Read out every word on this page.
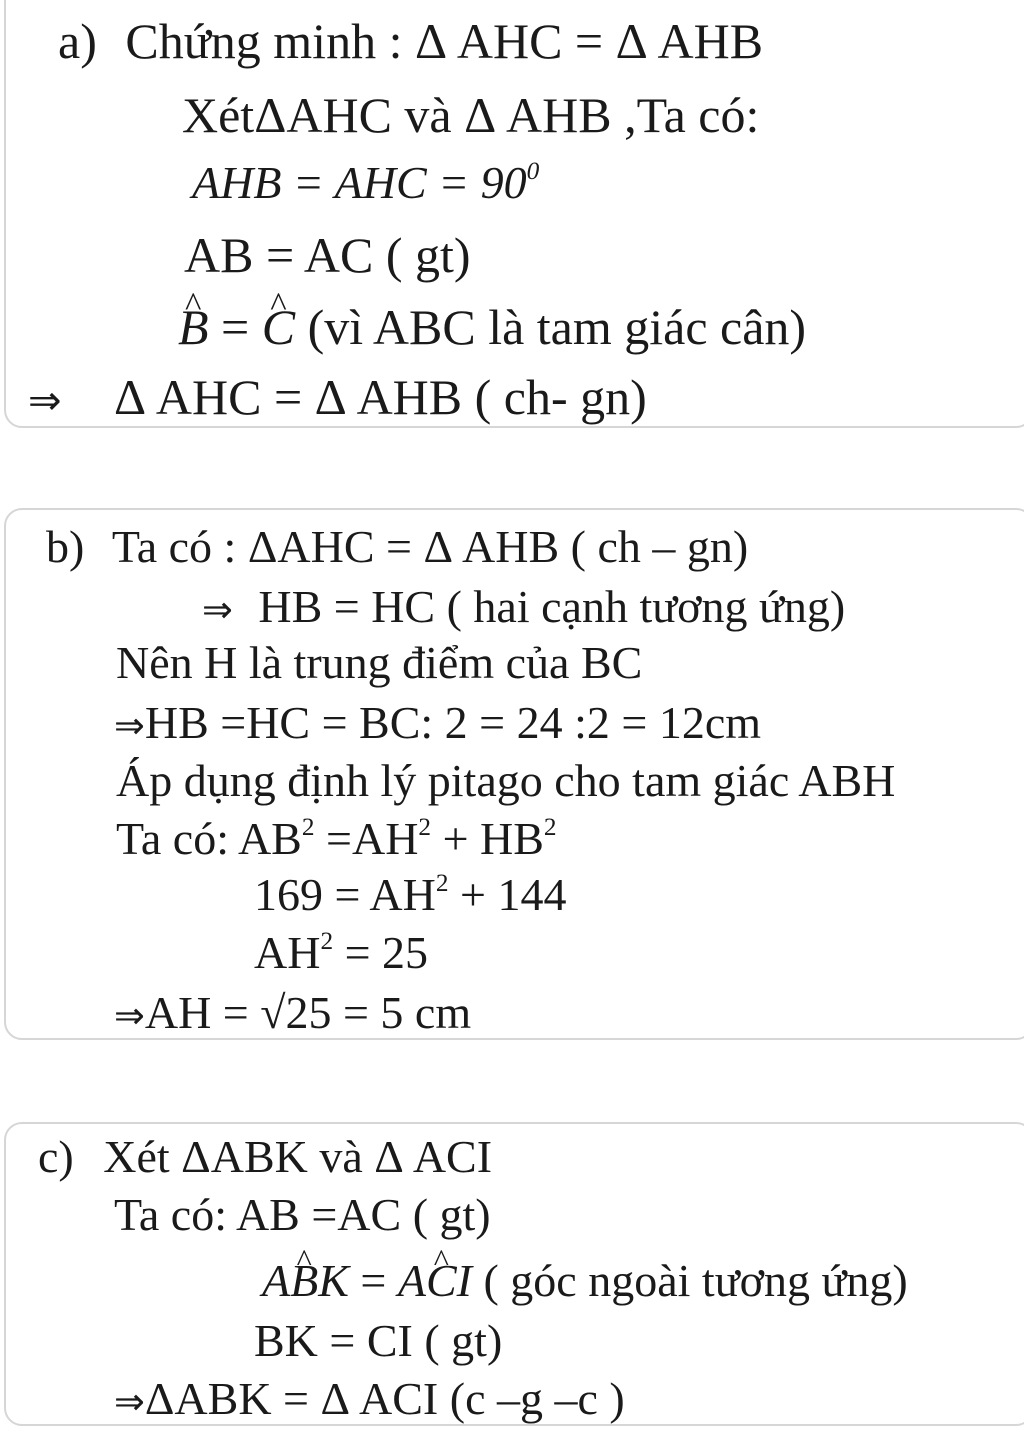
a) Chứng minh : Δ AHC = Δ AHB
XétΔAHC và Δ AHB ,Ta có:
AHB = AHC = $90^0$
AB = AC ( gt)
^ B = ^ C (vì ABC là tam giác cân)
⇒ Δ AHC = Δ AHB ( ch- gn)
b) Ta có : ΔAHC = Δ AHB ( ch – gn)
⇒ HB = HC ( hai cạnh tương ứng)
Nên H là trung điểm của BC
⇒HB =HC = BC: 2 = 24 :2 = 12cm
Áp dụng định lý pitago cho tam giác ABH
Ta có: $AB^2 =AH^2 + HB^2$
$169 = AH^2 + 144$
$AH^2 = 25$
⇒AH = √25 = 5 cm
c) Xét ΔABK và Δ ACI
Ta có: AB =AC ( gt)
A^ BK = A^ CI ( góc ngoài tương ứng)
BK = CI ( gt)
⇒ΔABK = Δ ACI (c –g –c )
